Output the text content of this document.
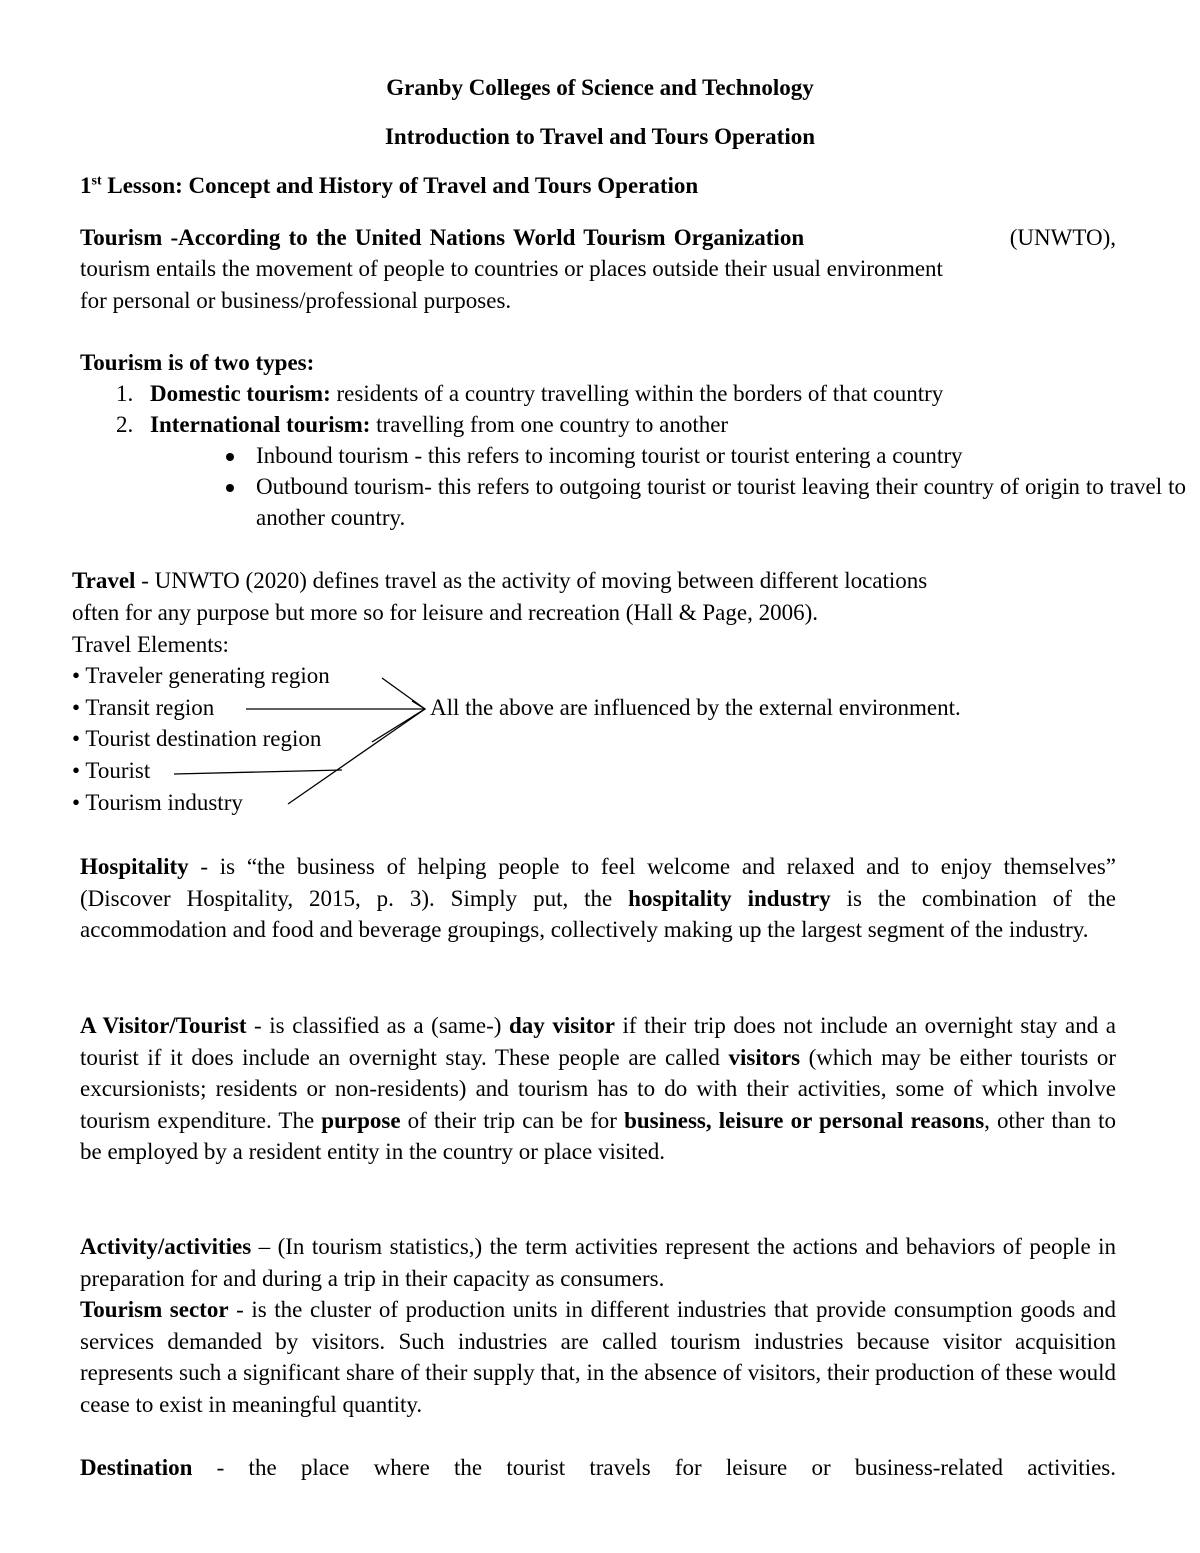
Granby Colleges of Science and Technology
Introduction to Travel and Tours Operation
1st Lesson: Concept and History of Travel and Tours Operation
Tourism -According to the United Nations World Tourism Organization	(UNWTO),
tourism entails the movement of people to countries or places outside their usual environment
for personal or business/professional purposes.
Tourism is of two types:
1. Domestic tourism: residents of a country travelling within the borders of that country
2. International tourism: travelling from one country to another
Inbound tourism - this refers to incoming tourist or tourist entering a country
Outbound tourism- this refers to outgoing tourist or tourist leaving their country of origin to travel to another country.
Travel - UNWTO (2020) defines travel as the activity of moving between different locations
often for any purpose but more so for leisure and recreation (Hall & Page, 2006).
Travel Elements:
• Traveler generating region
• Transit region
• Tourist destination region
• Tourist
• Tourism industry
All the above are influenced by the external environment.
Hospitality - is “the business of helping people to feel welcome and relaxed and to enjoy themselves” (Discover Hospitality, 2015, p. 3). Simply put, the hospitality industry is the combination of the accommodation and food and beverage groupings, collectively making up the largest segment of the industry.
A Visitor/Tourist - is classified as a (same-) day visitor if their trip does not include an overnight stay and a tourist if it does include an overnight stay. These people are called visitors (which may be either tourists or excursionists; residents or non-residents) and tourism has to do with their activities, some of which involve tourism expenditure. The purpose of their trip can be for business, leisure or personal reasons, other than to be employed by a resident entity in the country or place visited.
Activity/activities – (In tourism statistics,) the term activities represent the actions and behaviors of people in preparation for and during a trip in their capacity as consumers.
Tourism sector - is the cluster of production units in different industries that provide consumption goods and services demanded by visitors. Such industries are called tourism industries because visitor acquisition represents such a significant share of their supply that, in the absence of visitors, their production of these would cease to exist in meaningful quantity.
Destination - the place where the tourist travels for leisure or business-related activities.
